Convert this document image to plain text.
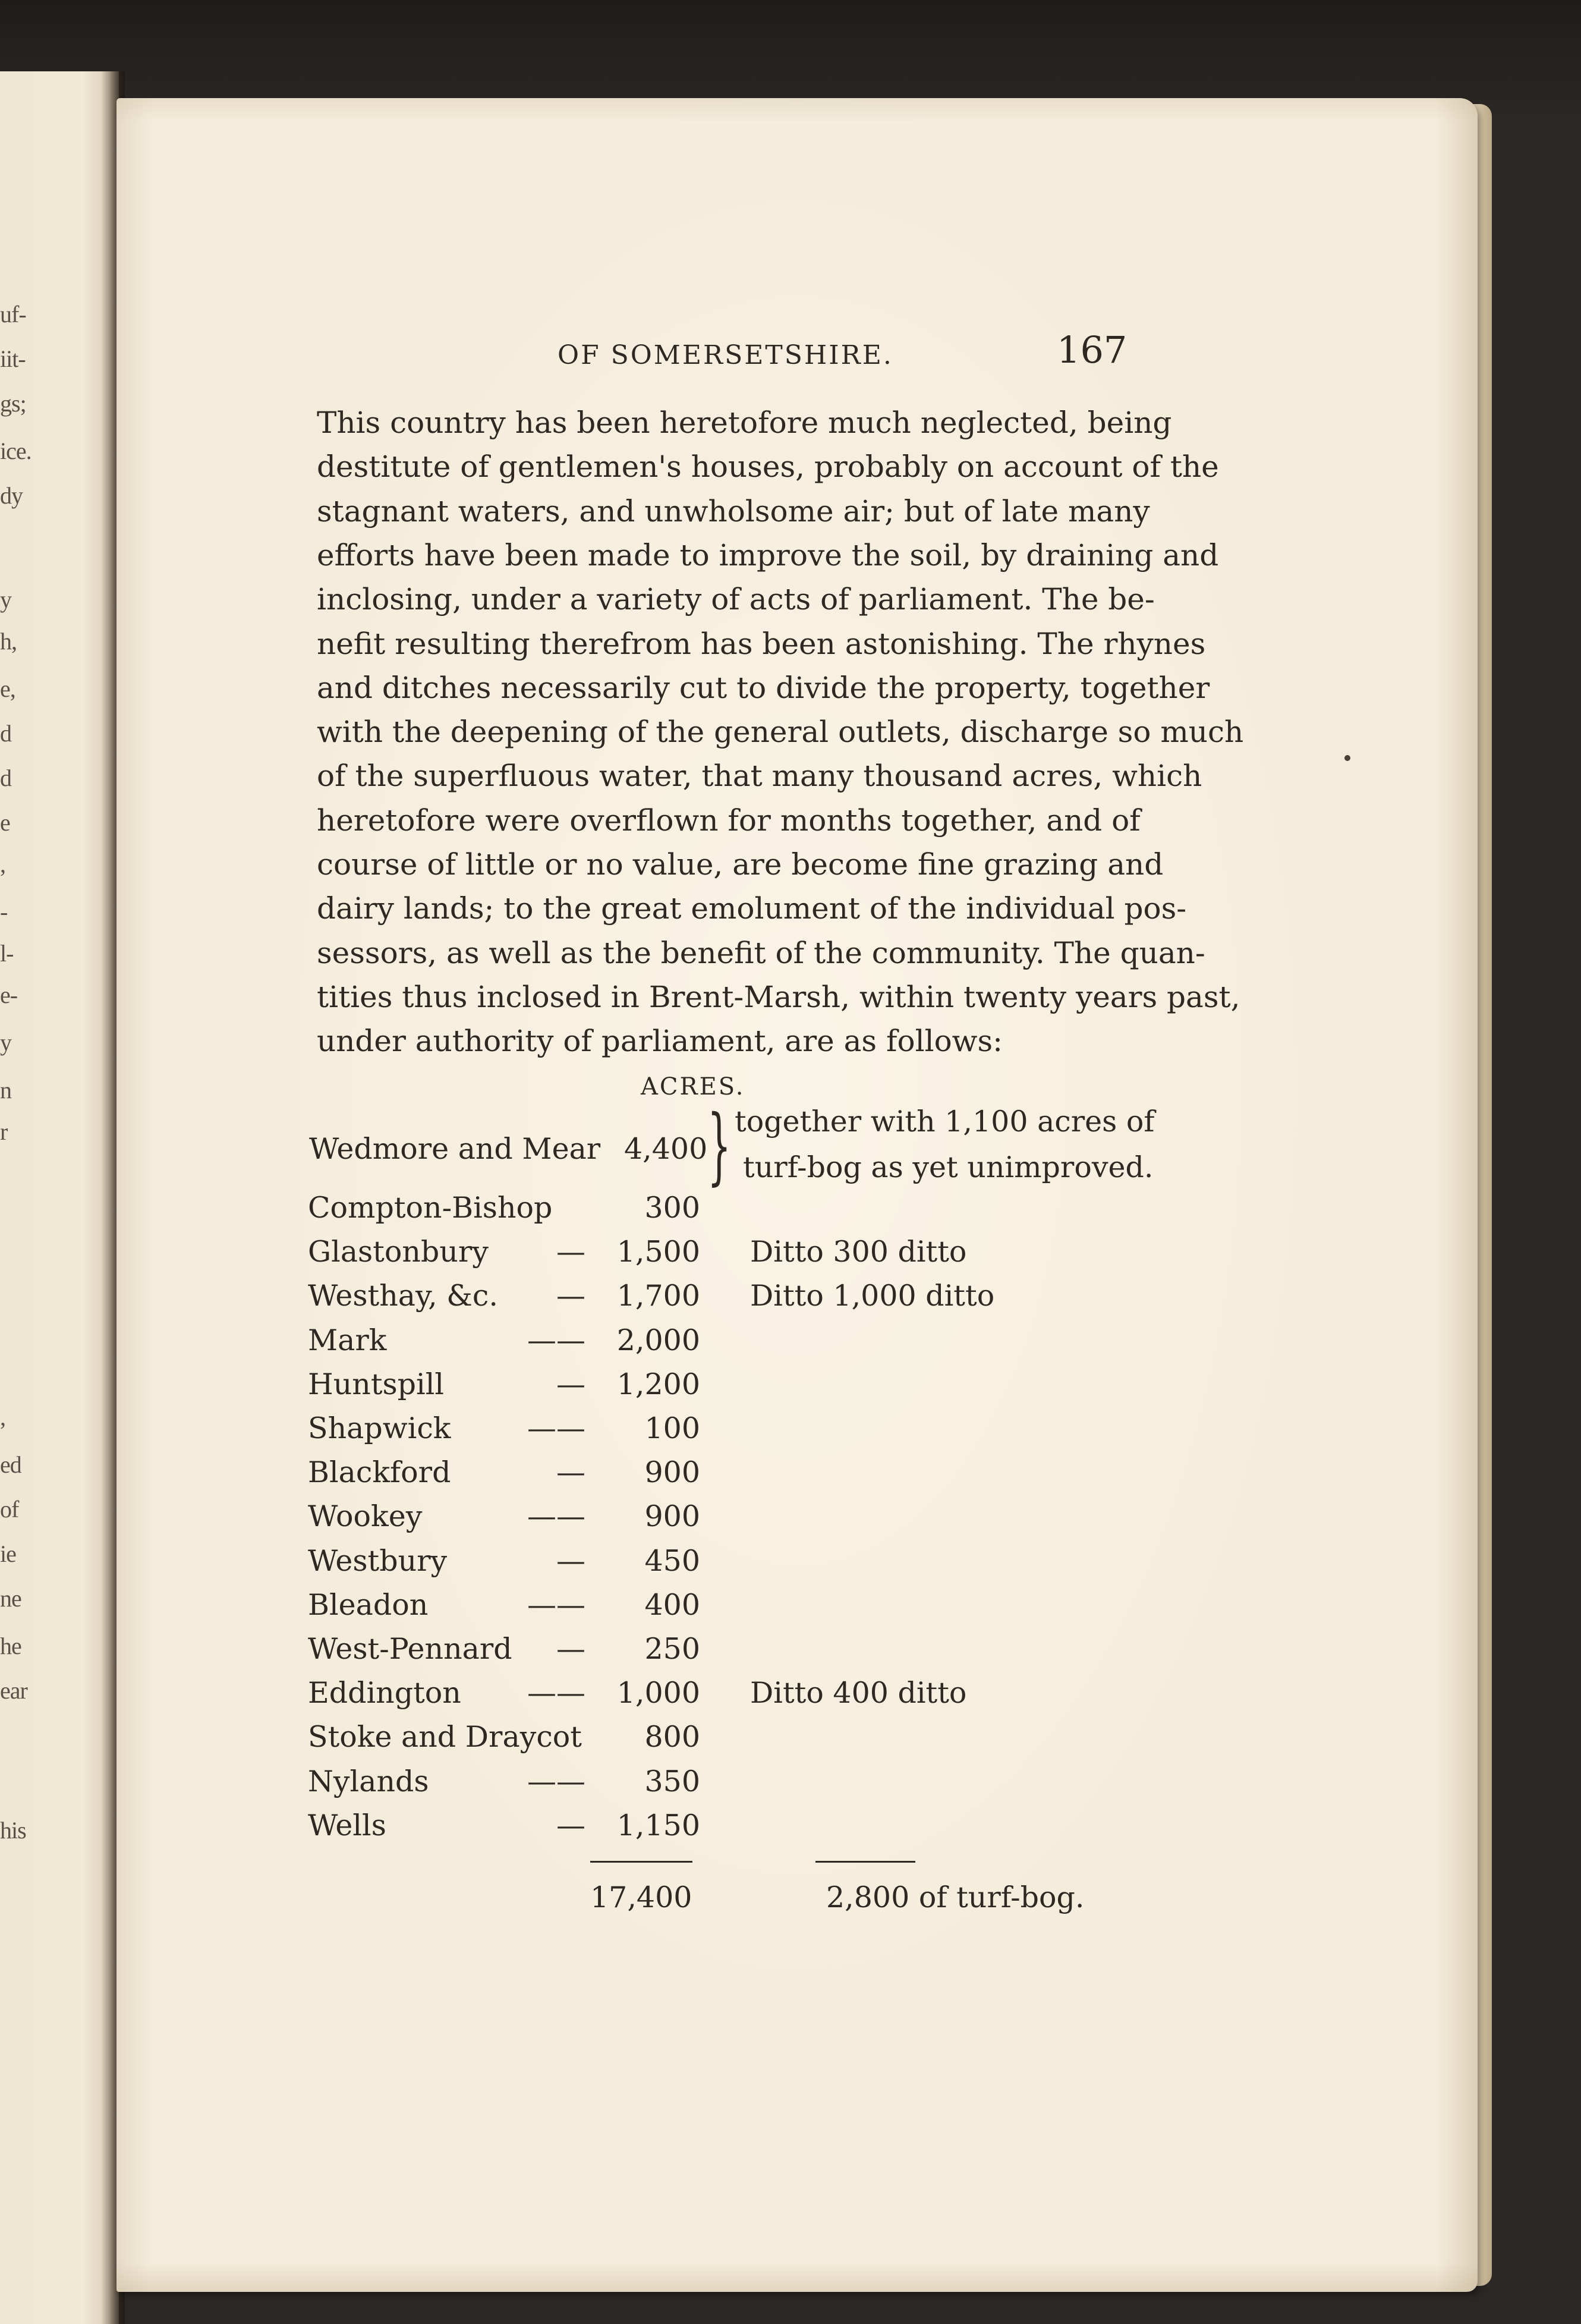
uf-
iit-
gs;
ice.
dy
y
h,
e,
d
d
e
,
-
l-
e-
y
n
r
,
ed
of
ie
ne
he
ear
his
OF SOMERSETSHIRE.	167
This country has been heretofore much neglected, being
destitute of gentlemen's houses, probably on account of the
stagnant waters, and unwholsome air; but of late many
efforts have been made to improve the soil, by draining and
inclosing, under a variety of acts of parliament. The be-
nefit resulting therefrom has been astonishing. The rhynes
and ditches necessarily cut to divide the property, together
with the deepening of the general outlets, discharge so much
of the superfluous water, that many thousand acres, which
heretofore were overflown for months together, and of
course of little or no value, are become fine grazing and
dairy lands; to the great emolument of the individual pos-
sessors, as well as the benefit of the community. The quan-
tities thus inclosed in Brent-Marsh, within twenty years past,
under authority of parliament, are as follows:
ACRES.
Wedmore and Mear 4,400 } together with 1,100 acres of
turf-bog as yet unimproved.
Compton-Bishop	300
Glastonbury — 1,500 Ditto 300 ditto
Westhay, &c. — 1,700 Ditto 1,000 ditto
Mark	—— 2,000
Huntspill	— 1,200
Shapwick	—— 100
Blackford	— 900
Wookey	—— 900
Westbury	— 450
Bleadon	—— 400
West-Pennard — 250
Eddington —— 1,000 Ditto 400 ditto
Stoke and Draycot 800
Nylands	—— 350
Wells	— 1,150
17,400	2,800 of turf-bog.
